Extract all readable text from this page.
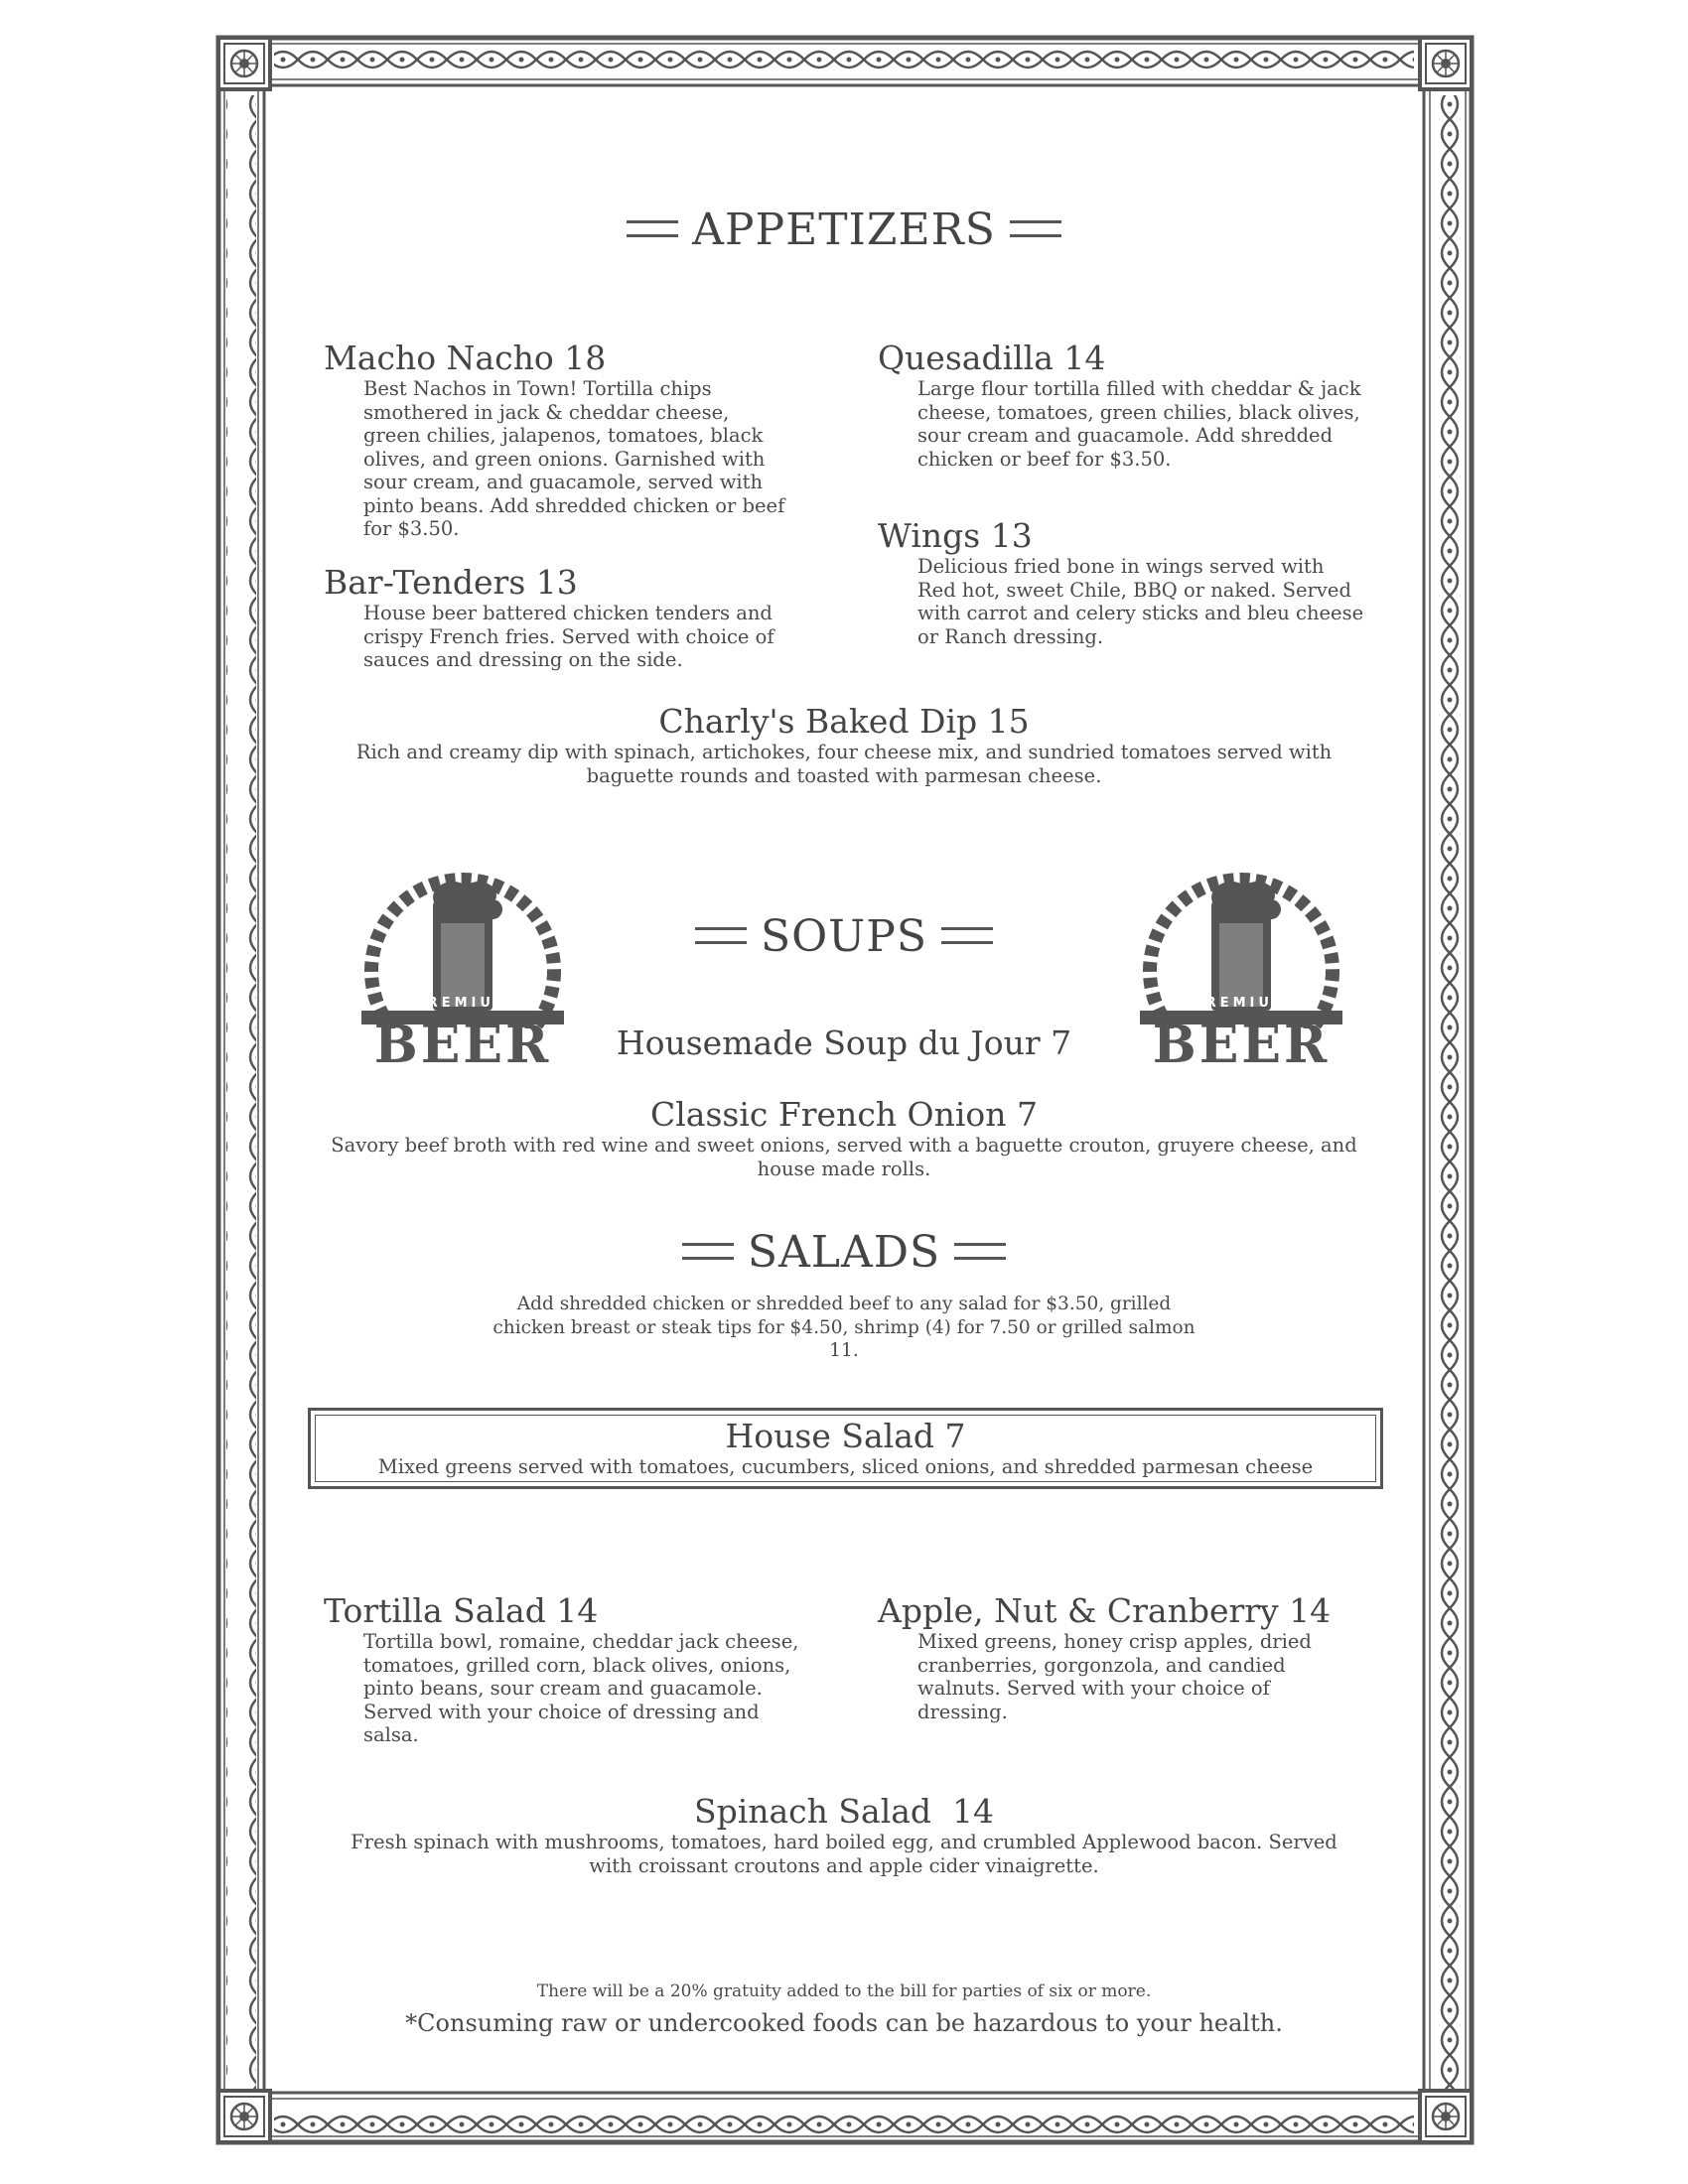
APPETIZERS
Macho Nacho 18
Best Nachos in Town! Tortilla chips smothered in jack & cheddar cheese, green chilies, jalapenos, tomatoes, black olives, and green onions. Garnished with sour cream, and guacamole, served with pinto beans. Add shredded chicken or beef for $3.50.
Quesadilla 14
Large flour tortilla filled with cheddar & jack cheese, tomatoes, green chilies, black olives, sour cream and guacamole. Add shredded chicken or beef for $3.50.
Wings 13
Delicious fried bone in wings served with Red hot, sweet Chile, BBQ or naked. Served with carrot and celery sticks and bleu cheese or Ranch dressing.
Bar-Tenders 13
House beer battered chicken tenders and crispy French fries. Served with choice of sauces and dressing on the side.
Charly's Baked Dip 15
Rich and creamy dip with spinach, artichokes, four cheese mix, and sundried tomatoes served with baguette rounds and toasted with parmesan cheese.
SOUPS
PREMIUM
BEER
PREMIUM
BEER
Housemade Soup du Jour 7
Classic French Onion 7
Savory beef broth with red wine and sweet onions, served with a baguette crouton, gruyere cheese, and house made rolls.
SALADS
Add shredded chicken or shredded beef to any salad for $3.50, grilled chicken breast or steak tips for $4.50, shrimp (4) for 7.50 or grilled salmon 11.
House Salad 7
Mixed greens served with tomatoes, cucumbers, sliced onions, and shredded parmesan cheese
Tortilla Salad 14
Tortilla bowl, romaine, cheddar jack cheese, tomatoes, grilled corn, black olives, onions, pinto beans, sour cream and guacamole. Served with your choice of dressing and salsa.
Apple, Nut & Cranberry 14
Mixed greens, honey crisp apples, dried cranberries, gorgonzola, and candied walnuts. Served with your choice of dressing.
Spinach Salad  14
Fresh spinach with mushrooms, tomatoes, hard boiled egg, and crumbled Applewood bacon. Served with croissant croutons and apple cider vinaigrette.
There will be a 20% gratuity added to the bill for parties of six or more.
*Consuming raw or undercooked foods can be hazardous to your health.
